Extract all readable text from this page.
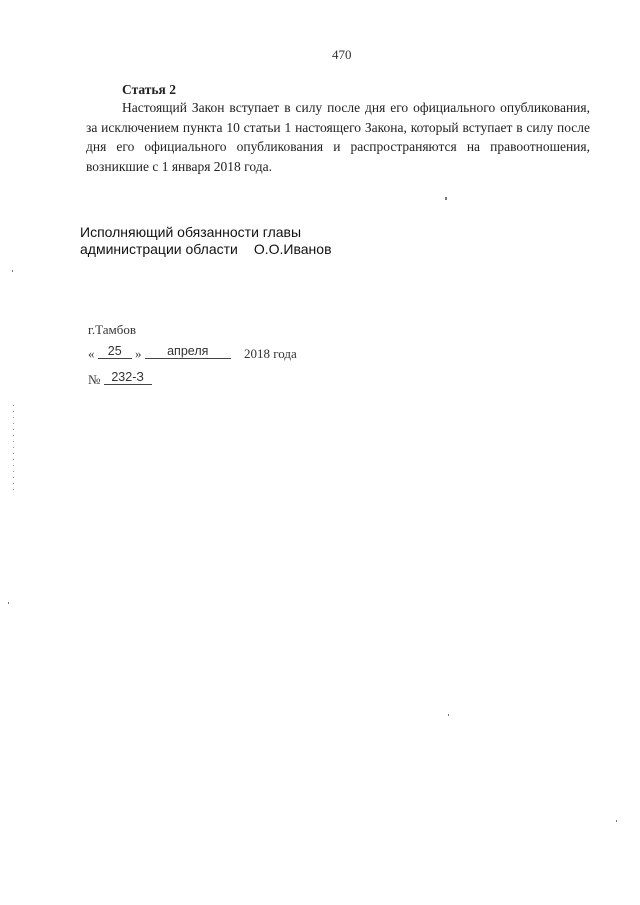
470
Статья 2
Настоящий Закон вступает в силу после дня его официального опубликования, за исключением пункта 10 статьи 1 настоящего Закона, который вступает в силу после дня его официального опубликования и распространяются на правоотношения, возникшие с 1 января 2018 года.
Исполняющий обязанности главы
администрации области О.О.Иванов
г.Тамбов
« 25 » апреля	2018 года
№ 232-З
